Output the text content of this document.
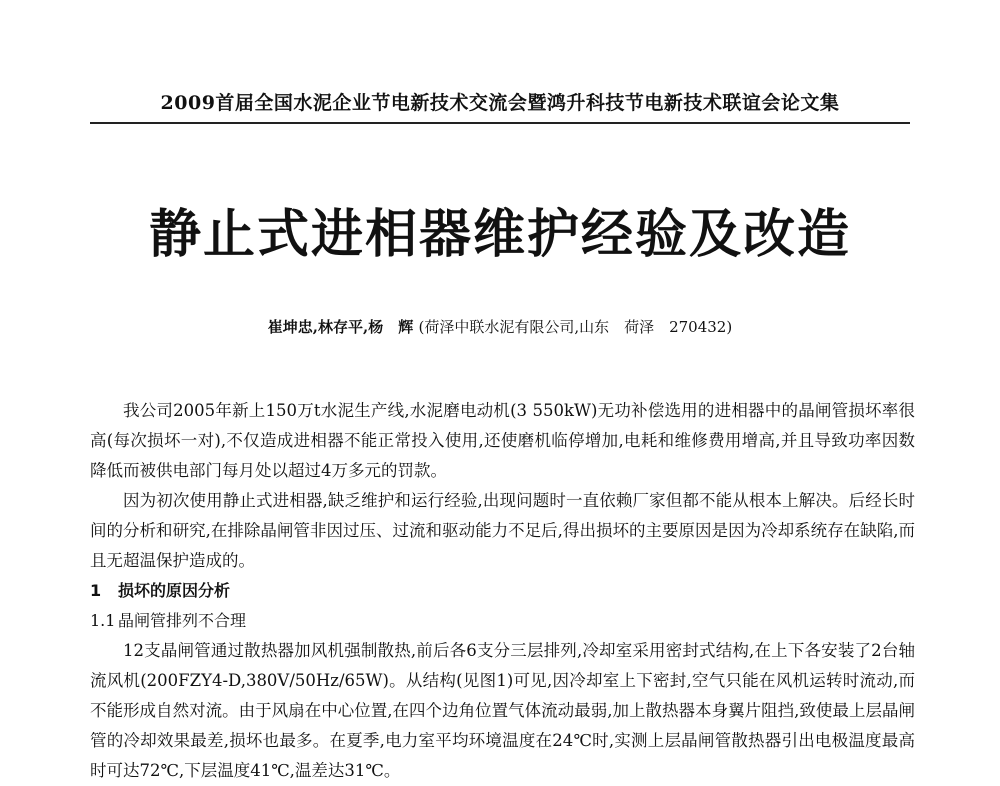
2009首届全国水泥企业节电新技术交流会暨鸿升科技节电新技术联谊会论文集
静止式进相器维护经验及改造
崔坤忠,林存平,杨　辉 (荷泽中联水泥有限公司,山东　荷泽　270432)

我公司2005年新上150万t水泥生产线,水泥磨电动机(3 550kW)无功补偿选用的进相器中的晶闸管损坏率很高(每次损坏一对),不仅造成进相器不能正常投入使用,还使磨机临停增加,电耗和维修费用增高,并且导致功率因数降低而被供电部门每月处以超过4万多元的罚款。

因为初次使用静止式进相器,缺乏维护和运行经验,出现问题时一直依赖厂家但都不能从根本上解决。后经长时间的分析和研究,在排除晶闸管非因过压、过流和驱动能力不足后,得出损坏的主要原因是因为冷却系统存在缺陷,而且无超温保护造成的。

1 损坏的原因分析
1.1 晶闸管排列不合理

12支晶闸管通过散热器加风机强制散热,前后各6支分三层排列,冷却室采用密封式结构,在上下各安装了2台轴流风机(200FZY4-D,380V/50Hz/65W)。从结构(见图1)可见,因冷却室上下密封,空气只能在风机运转时流动,而不能形成自然对流。由于风扇在中心位置,在四个边角位置气体流动最弱,加上散热器本身翼片阻挡,致使最上层晶闸管的冷却效果最差,损坏也最多。在夏季,电力室平均环境温度在24℃时,实测上层晶闸管散热器引出电极温度最高时可达72℃,下层温度41℃,温差达31℃。
